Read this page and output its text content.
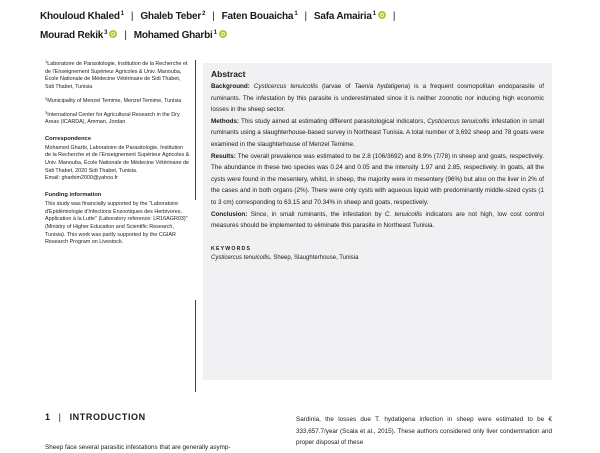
Khouloud Khaled$^1$ | Ghaleb Teber$^2$ | Faten Bouaicha$^1$ | Safa Amairia$^1$ |
Mourad Rekik$^3$ | Mohamed Gharbi$^1$

$^1$Laboratoire de Parasitologie, Institution de la Recherche et de l'Enseignement Supérieur Agricoles & Univ. Manouba, École Nationale de Médecine Vétérinaire de Sidi Thabet, Sidi Thabet, Tunisia

$^2$Municipality of Menzel Temime, Menzel Temime, Tunisia

$^3$International Center for Agricultural Research in the Dry Areas (ICARDA), Amman, Jordan

Correspondence

Mohamed Gharbi, Laboratoire de Parasitologie, Institution de la Recherche et de l'Enseignement Supérieur Agricoles & Univ. Manouba, École Nationale de Médecine Vétérinaire de Sidi Thabet, 2020 Sidi Thabet, Tunisia.
Email: gharbim2000@yahoo.fr

Funding information

This study was financially supported by the "Laboratoire d'Epidémiologie d'Infections Enzootiques des Herbivores, Application à la Lutte" (Laboratory reference: LR16AGR03)" (Ministry of Higher Education and Scientific Research, Tunisia). This work was partly supported by the CGIAR Research Program on Livestock.

Abstract

Background: Cysticercus tenuicollis (larvae of Taenia hydatigena) is a frequent cosmopolitan endoparasite of ruminants. The infestation by this parasite is underestimated since it is neither zoonotic nor inducing high economic losses in the sheep sector.

Methods: This study aimed at estimating different parasitological indicators, Cysticercus tenuicollis infestation in small ruminants using a slaughterhouse-based survey in Northeast Tunisia. A total number of 3,692 sheep and 78 goats were examined in the slaughterhouse of Menzel Temime.

Results: The overall prevalence was estimated to be 2.8 (106/3692) and 8.9% (7/78) in sheep and goats, respectively. The abundance in these two species was 0.24 and 0.05 and the intensity 1.97 and 2.85, respectively. In goats, all the cysts were found in the mesentery, whilst, in sheep, the majority were in mesentery (96%) but also on the liver in 2% of the cases and in both organs (2%). There were only cysts with aqueous liquid with predominantly middle-sized cysts (1 to 3 cm) corresponding to 63.15 and 70.34% in sheep and goats, respectively.

Conclusion: Since, in small ruminants, the infestation by C. tenuicollis indicators are not high, low cost control measures should be implemented to eliminate this parasite in Northeast Tunisia.

KEYWORDS
Cysticercus tenuicollis, Sheep, Slaughterhouse, Tunisia
1 | INTRODUCTION
Sheep face several parasitic infestations that are generally asymp-
Sardinia, the losses due T. hydatigena infection in sheep were estimated to be € 333,657.7/year (Scala et al., 2015). These authors considered only liver condemnation and proper disposal of these
